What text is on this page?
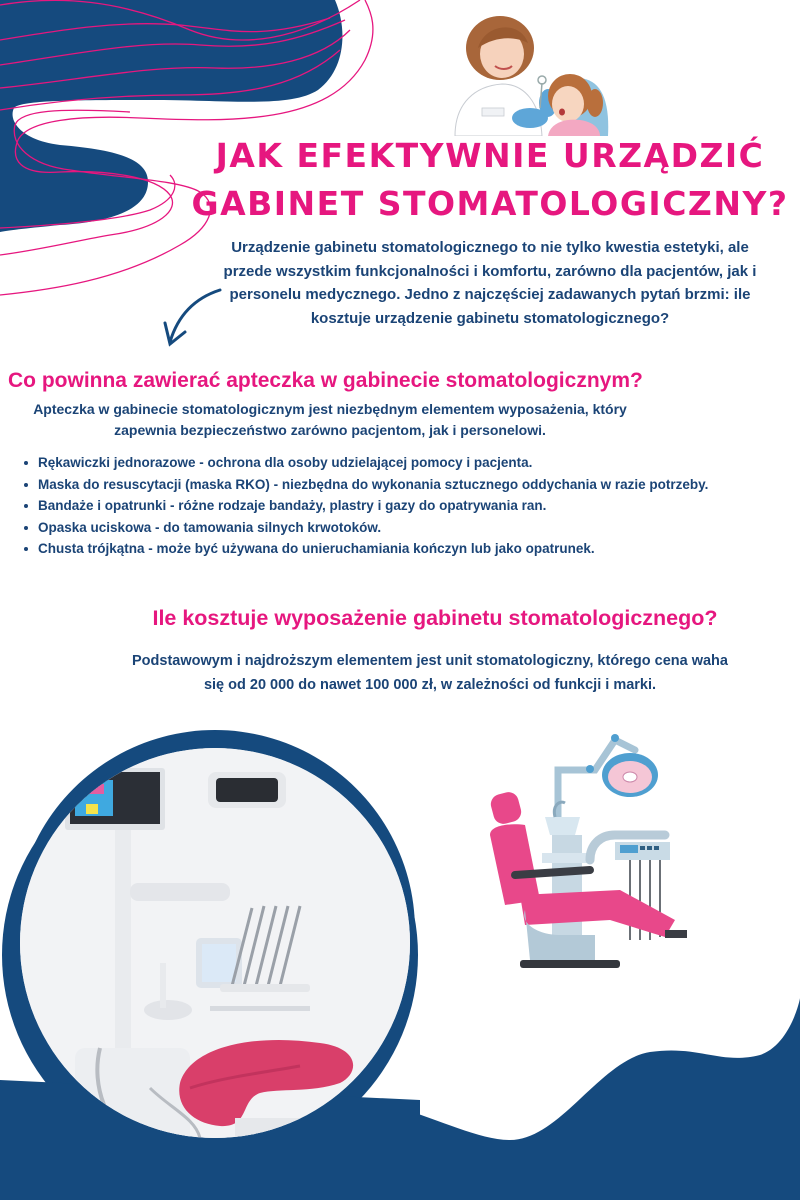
JAK EFEKTYWNIE URZĄDZIĆ
GABINET STOMATOLOGICZNY?

Urządzenie gabinetu stomatologicznego to nie tylko kwestia estetyki, ale przede wszystkim funkcjonalności i komfortu, zarówno dla pacjentów, jak i personelu medycznego. Jedno z najczęściej zadawanych pytań brzmi: ile kosztuje urządzenie gabinetu stomatologicznego?

Co powinna zawierać apteczka w gabinecie stomatologicznym?

Apteczka w gabinecie stomatologicznym jest niezbędnym elementem wyposażenia, który zapewnia bezpieczeństwo zarówno pacjentom, jak i personelowi.

Rękawiczki jednorazowe - ochrona dla osoby udzielającej pomocy i pacjenta.
Maska do resuscytacji (maska RKO) - niezbędna do wykonania sztucznego oddychania w razie potrzeby.
Bandaże i opatrunki - różne rodzaje bandaży, plastry i gazy do opatrywania ran.
Opaska uciskowa - do tamowania silnych krwotoków.
Chusta trójkątna - może być używana do unieruchamiania kończyn lub jako opatrunek.
Ile kosztuje wyposażenie gabinetu stomatologicznego?

Podstawowym i najdroższym elementem jest unit stomatologiczny, którego cena waha się od 20 000 do nawet 100 000 zł, w zależności od funkcji i marki.
